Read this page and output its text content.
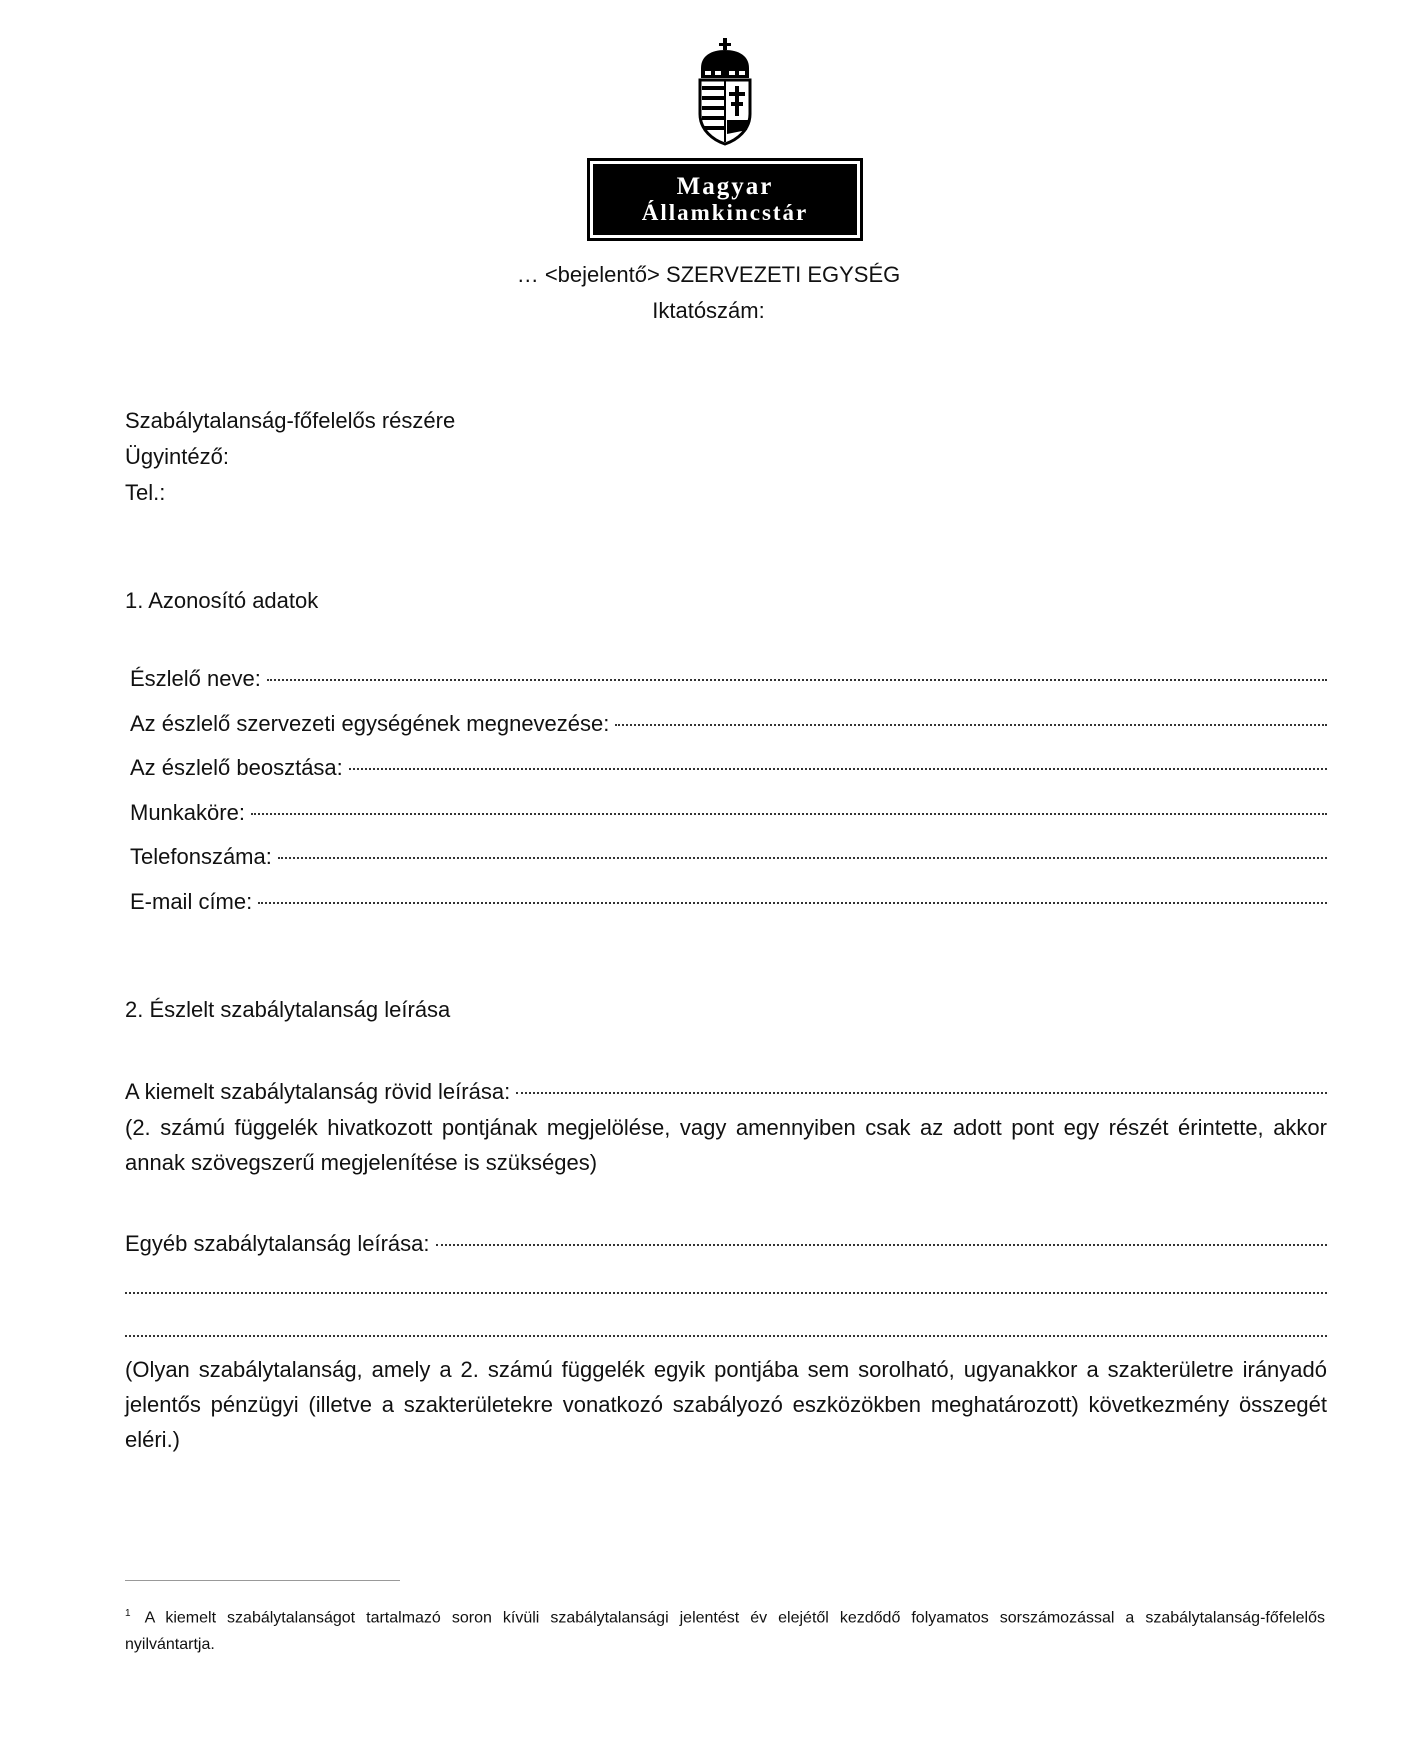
Magyar
Államkincstár
… <bejelentő> SZERVEZETI EGYSÉG
Iktatószám:
Szabálytalanság-főfelelős részére
Ügyintéző:
Tel.:
1. Azonosító adatok
Észlelő neve:
Az észlelő szervezeti egységének megnevezése:
Az észlelő beosztása:
Munkaköre:
Telefonszáma:
E-mail címe:
2. Észlelt szabálytalanság leírása
A kiemelt szabálytalanság rövid leírása:
(2. számú függelék hivatkozott pontjának megjelölése, vagy amennyiben csak az adott pont egy részét érintette, akkor annak szövegszerű megjelenítése is szükséges)
Egyéb szabálytalanság leírása:
(Olyan szabálytalanság, amely a 2. számú függelék egyik pontjába sem sorolható, ugyanakkor a szakterületre irányadó jelentős pénzügyi (illetve a szakterületekre vonatkozó szabályozó eszközökben meghatározott) következmény összegét eléri.)
$^1$ A kiemelt szabálytalanságot tartalmazó soron kívüli szabálytalansági jelentést év elejétől kezdődő folyamatos sorszámozással a szabálytalanság-főfelelős nyilvántartja.
